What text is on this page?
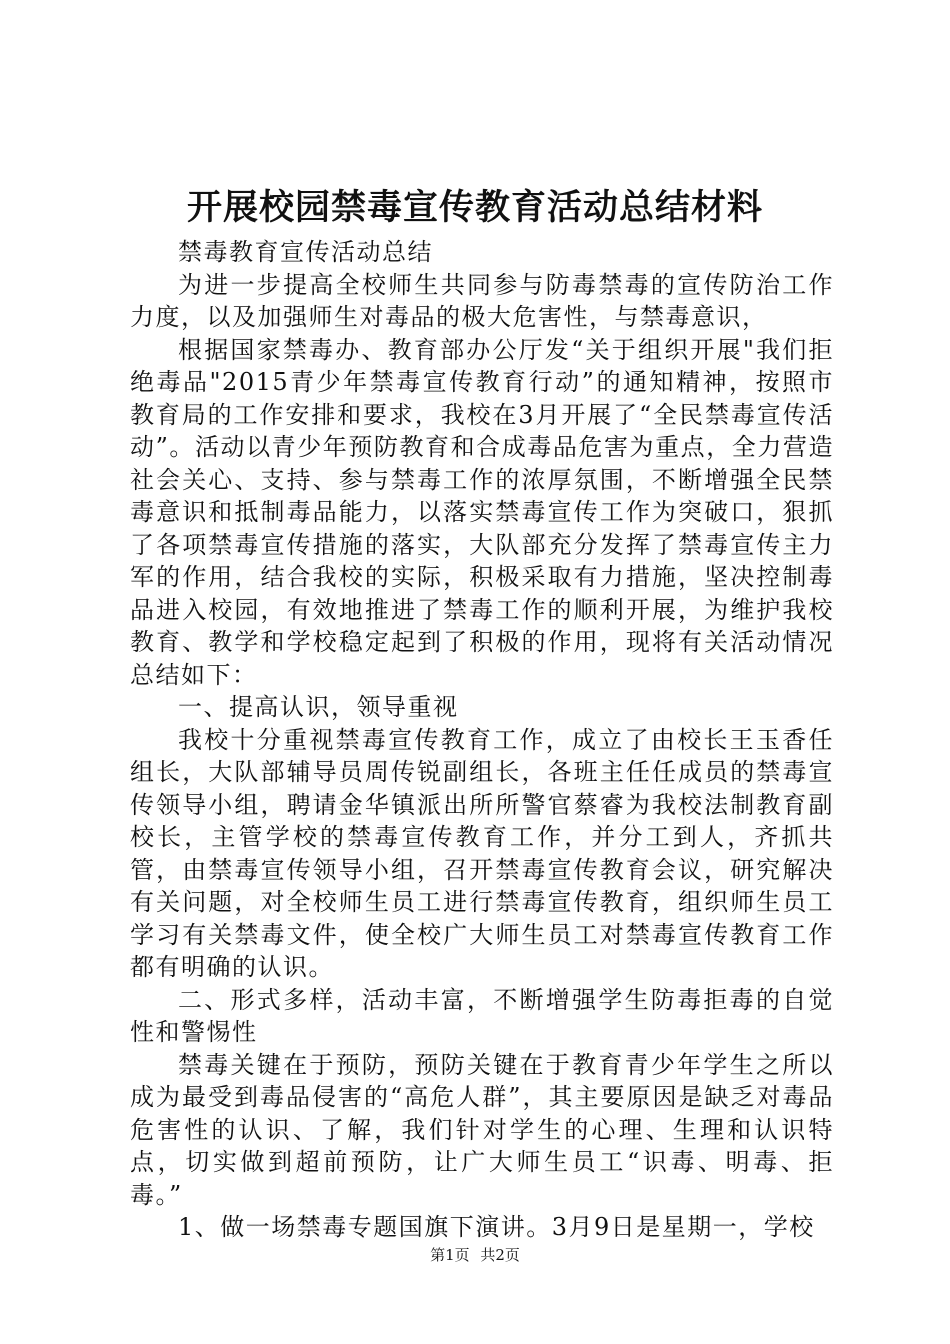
开展校园禁毒宣传教育活动总结材料

禁毒教育宣传活动总结

为进一步提高全校师生共同参与防毒禁毒的宣传防治工作力度，以及加强师生对毒品的极大危害性，与禁毒意识，

根据国家禁毒办、教育部办公厅发“关于组织开展"我们拒绝毒品"2015青少年禁毒宣传教育行动”的通知精神，按照市教育局的工作安排和要求，我校在3月开展了“全民禁毒宣传活动”。活动以青少年预防教育和合成毒品危害为重点，全力营造社会关心、支持、参与禁毒工作的浓厚氛围，不断增强全民禁毒意识和抵制毒品能力，以落实禁毒宣传工作为突破口，狠抓了各项禁毒宣传措施的落实，大队部充分发挥了禁毒宣传主力军的作用，结合我校的实际，积极采取有力措施，坚决控制毒品进入校园，有效地推进了禁毒工作的顺利开展，为维护我校教育、教学和学校稳定起到了积极的作用，现将有关活动情况总结如下：

一、提高认识，领导重视

我校十分重视禁毒宣传教育工作，成立了由校长王玉香任组长，大队部辅导员周传锐副组长，各班主任任成员的禁毒宣传领导小组，聘请金华镇派出所所警官蔡睿为我校法制教育副校长，主管学校的禁毒宣传教育工作，并分工到人，齐抓共管，由禁毒宣传领导小组，召开禁毒宣传教育会议，研究解决有关问题，对全校师生员工进行禁毒宣传教育，组织师生员工学习有关禁毒文件，使全校广大师生员工对禁毒宣传教育工作都有明确的认识。

二、形式多样，活动丰富，不断增强学生防毒拒毒的自觉性和警惕性

禁毒关键在于预防，预防关键在于教育青少年学生之所以成为最受到毒品侵害的“高危人群”，其主要原因是缺乏对毒品危害性的认识、了解，我们针对学生的心理、生理和认识特点，切实做到超前预防，让广大师生员工“识毒、明毒、拒毒。”

1、做一场禁毒专题国旗下演讲。3月9日是星期一，学校

第1页 共2页
